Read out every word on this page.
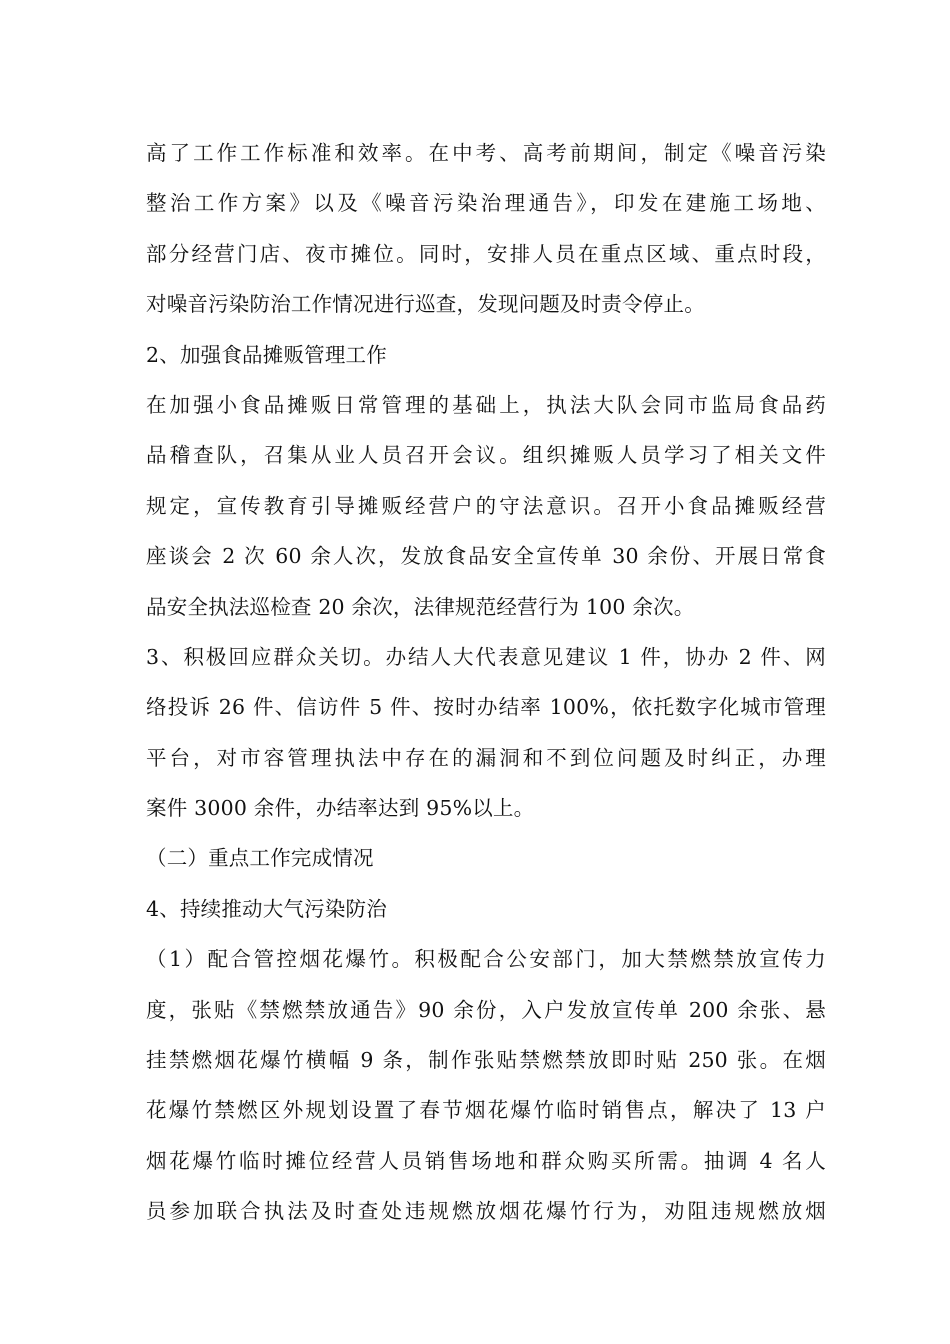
高了工作工作标准和效率。在中考、高考前期间，制定《噪音污染
整治工作方案》以及《噪音污染治理通告》，印发在建施工场地、
部分经营门店、夜市摊位。同时，安排人员在重点区域、重点时段，
对噪音污染防治工作情况进行巡查，发现问题及时责令停止。
2、加强食品摊贩管理工作
在加强小食品摊贩日常管理的基础上，执法大队会同市监局食品药
品稽查队，召集从业人员召开会议。组织摊贩人员学习了相关文件
规定，宣传教育引导摊贩经营户的守法意识。召开小食品摊贩经营
座谈会 2 次 60 余人次，发放食品安全宣传单 30 余份、开展日常食
品安全执法巡检查 20 余次，法律规范经营行为 100 余次。
3、积极回应群众关切。办结人大代表意见建议 1 件，协办 2 件、网
络投诉 26 件、信访件 5 件、按时办结率 100%，依托数字化城市管理
平台，对市容管理执法中存在的漏洞和不到位问题及时纠正，办理
案件 3000 余件，办结率达到 95%以上。
（二）重点工作完成情况
4、持续推动大气污染防治
（1）配合管控烟花爆竹。积极配合公安部门，加大禁燃禁放宣传力
度，张贴《禁燃禁放通告》90 余份，入户发放宣传单 200 余张、悬
挂禁燃烟花爆竹横幅 9 条，制作张贴禁燃禁放即时贴 250 张。在烟
花爆竹禁燃区外规划设置了春节烟花爆竹临时销售点，解决了 13 户
烟花爆竹临时摊位经营人员销售场地和群众购买所需。抽调 4 名人
员参加联合执法及时查处违规燃放烟花爆竹行为，劝阻违规燃放烟
